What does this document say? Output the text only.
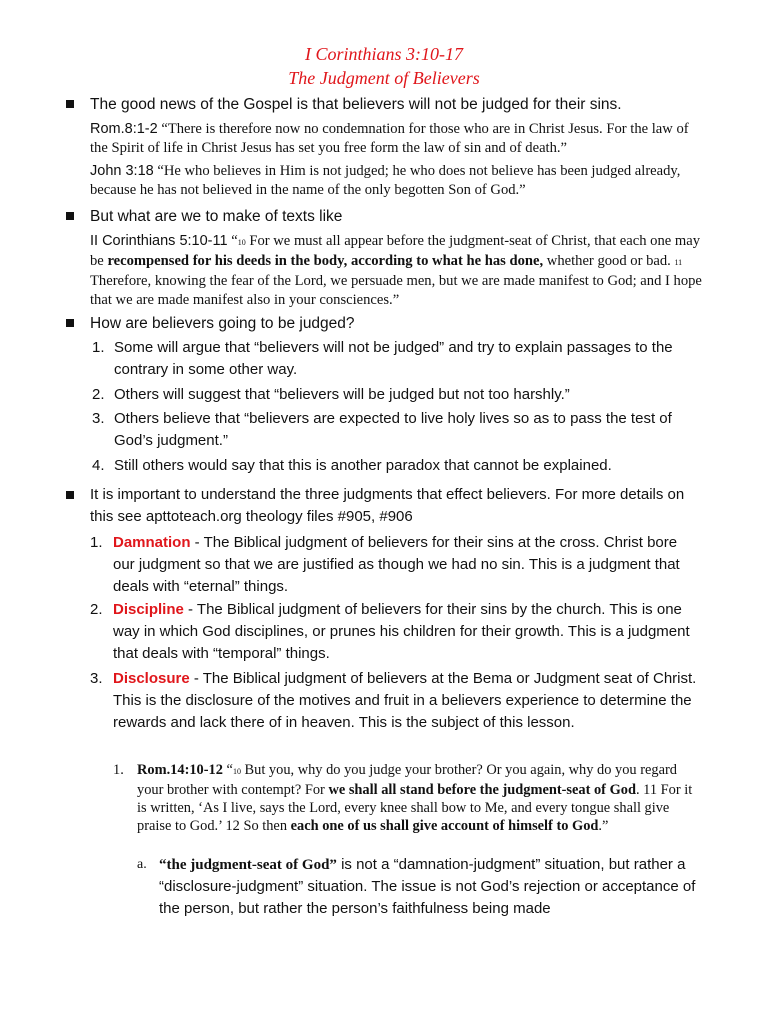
I Corinthians 3:10-17
The Judgment of Believers
The good news of the Gospel is that believers will not be judged for their sins.
Rom.8:1-2 “There is therefore now no condemnation for those who are in Christ Jesus. For the law of the Spirit of life in Christ Jesus has set you free form the law of sin and of death.”
John 3:18 “He who believes in Him is not judged; he who does not believe has been judged already, because he has not believed in the name of the only begotten Son of God.”
But what are we to make of texts like
II Corinthians 5:10-11 “10 For we must all appear before the judgment-seat of Christ, that each one may be recompensed for his deeds in the body, according to what he has done, whether good or bad. 11 Therefore, knowing the fear of the Lord, we persuade men, but we are made manifest to God; and I hope that we are made manifest also in your consciences.”
How are believers going to be judged?
1. Some will argue that “believers will not be judged” and try to explain passages to the contrary in some other way.
2. Others will suggest that “believers will be judged but not too harshly.”
3. Others believe that “believers are expected to live holy lives so as to pass the test of God’s judgment.”
4. Still others would say that this is another paradox that cannot be explained.
It is important to understand the three judgments that effect believers. For more details on this see apttoteach.org theology files #905, #906
1. Damnation - The Biblical judgment of believers for their sins at the cross. Christ bore our judgment so that we are justified as though we had no sin. This is a judgment that deals with “eternal” things.
2. Discipline - The Biblical judgment of believers for their sins by the church. This is one way in which God disciplines, or prunes his children for their growth. This is a judgment that deals with “temporal” things.
3. Disclosure - The Biblical judgment of believers at the Bema or Judgment seat of Christ. This is the disclosure of the motives and fruit in a believers experience to determine the rewards and lack there of in heaven. This is the subject of this lesson.
1. Rom.14:10-12 “10 But you, why do you judge your brother? Or you again, why do you regard your brother with contempt? For we shall all stand before the judgment-seat of God. 11 For it is written, ‘As I live, says the Lord, every knee shall bow to Me, and every tongue shall give praise to God.’ 12 So then each one of us shall give account of himself to God.”
a. “the judgment-seat of God” is not a “damnation-judgment” situation, but rather a “disclosure-judgment” situation. The issue is not God’s rejection or acceptance of the person, but rather the person’s faithfulness being made
